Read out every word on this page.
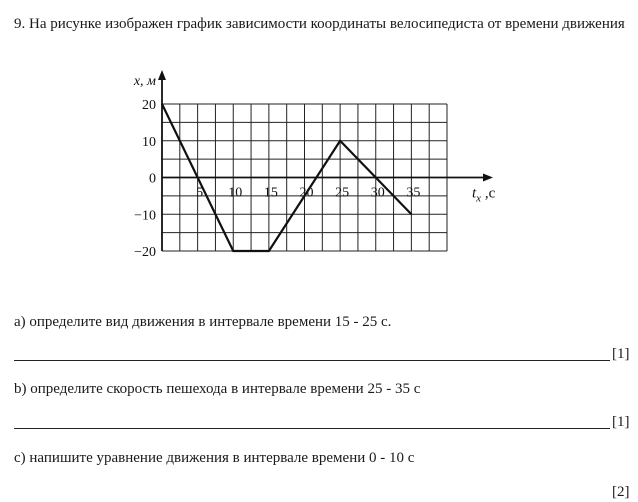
9. На рисунке изображен график зависимости координаты велосипедиста от времени движения
5 10 15 20 25 30 35
20
10
0
−10
−20
x, м
$t_x$ ,c
а) определите вид движения в интервале времени 15 - 25 с.
[1]
b) определите скорость пешехода в интервале времени 25 - 35 с
[1]
с) напишите уравнение движения в интервале времени 0 - 10 с
[2]
